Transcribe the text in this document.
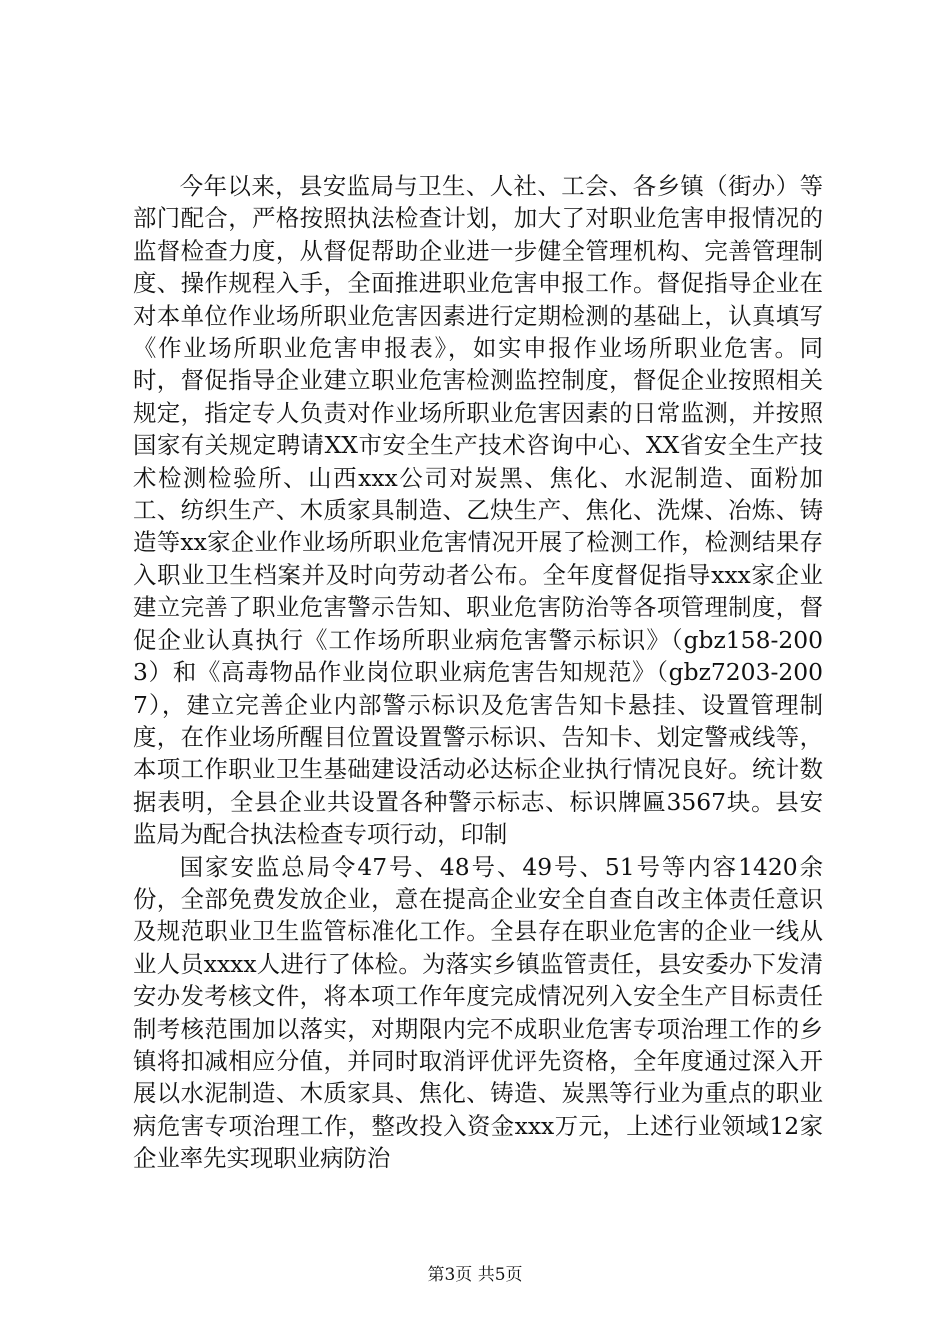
今年以来，县安监局与卫生、人社、工会、各乡镇（街办）等部门配合，严格按照执法检查计划，加大了对职业危害申报情况的监督检查力度，从督促帮助企业进一步健全管理机构、完善管理制度、操作规程入手，全面推进职业危害申报工作。督促指导企业在对本单位作业场所职业危害因素进行定期检测的基础上，认真填写《作业场所职业危害申报表》，如实申报作业场所职业危害。同时，督促指导企业建立职业危害检测监控制度，督促企业按照相关规定，指定专人负责对作业场所职业危害因素的日常监测，并按照国家有关规定聘请XX市安全生产技术咨询中心、XX省安全生产技术检测检验所、山西xxx公司对炭黑、焦化、水泥制造、面粉加工、纺织生产、木质家具制造、乙炔生产、焦化、洗煤、冶炼、铸造等xx家企业作业场所职业危害情况开展了检测工作，检测结果存入职业卫生档案并及时向劳动者公布。全年度督促指导xxx家企业建立完善了职业危害警示告知、职业危害防治等各项管理制度，督促企业认真执行《工作场所职业病危害警示标识》（gbz158-2003）和《高毒物品作业岗位职业病危害告知规范》（gbz7203-2007），建立完善企业内部警示标识及危害告知卡悬挂、设置管理制度，在作业场所醒目位置设置警示标识、告知卡、划定警戒线等，本项工作职业卫生基础建设活动必达标企业执行情况良好。统计数据表明，全县企业共设置各种警示标志、标识牌匾3567块。县安监局为配合执法检查专项行动，印制

国家安监总局令47号、48号、49号、51号等内容1420余份，全部免费发放企业，意在提高企业安全自查自改主体责任意识及规范职业卫生监管标准化工作。全县存在职业危害的企业一线从业人员xxxx人进行了体检。为落实乡镇监管责任，县安委办下发清安办发考核文件，将本项工作年度完成情况列入安全生产目标责任制考核范围加以落实，对期限内完不成职业危害专项治理工作的乡镇将扣减相应分值，并同时取消评优评先资格，全年度通过深入开展以水泥制造、木质家具、焦化、铸造、炭黑等行业为重点的职业病危害专项治理工作，整改投入资金xxx万元，上述行业领域12家企业率先实现职业病防治

第3页 共5页
